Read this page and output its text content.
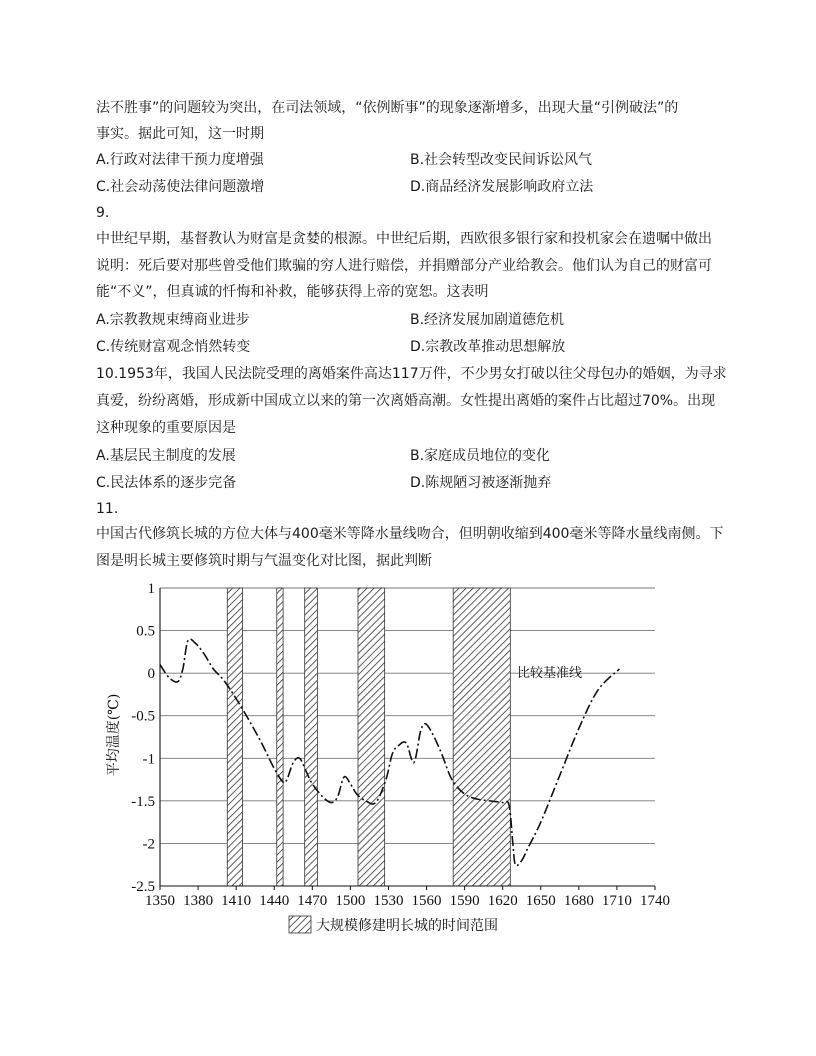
法不胜事”的问题较为突出，在司法领域，“依例断事”的现象逐渐增多，出现大量“引例破法”的
事实。据此可知，这一时期
A.行政对法律干预力度增强	B.社会转型改变民间诉讼风气
C.社会动荡使法律问题激增	D.商品经济发展影响政府立法
9.
中世纪早期，基督教认为财富是贪婪的根源。中世纪后期，西欧很多银行家和投机家会在遗嘱中做出
说明：死后要对那些曾受他们欺骗的穷人进行赔偿，并捐赠部分产业给教会。他们认为自己的财富可
能“不义”，但真诚的忏悔和补救，能够获得上帝的宽恕。这表明
A.宗教教规束缚商业进步	B.经济发展加剧道德危机
C.传统财富观念悄然转变	D.宗教改革推动思想解放
10.1953年，我国人民法院受理的离婚案件高达117万件，不少男女打破以往父母包办的婚姻，为寻求
真爱，纷纷离婚，形成新中国成立以来的第一次离婚高潮。女性提出离婚的案件占比超过70%。出现
这种现象的重要原因是
A.基层民主制度的发展	B.家庭成员地位的变化
C.民法体系的逐步完备	D.陈规陋习被逐渐抛弃
11.
中国古代修筑长城的方位大体与400毫米等降水量线吻合，但明朝收缩到400毫米等降水量线南侧。下
图是明长城主要修筑时期与气温变化对比图，据此判断
1
0.5
0
-0.5
-1
-1.5
-2
-2.5
1350 1380 1410 1440 1470 1500 1530 1560 1590 1620 1650 1680 1710 1740
平均温度(℃)
比较基准线
大规模修建明长城的时间范围
